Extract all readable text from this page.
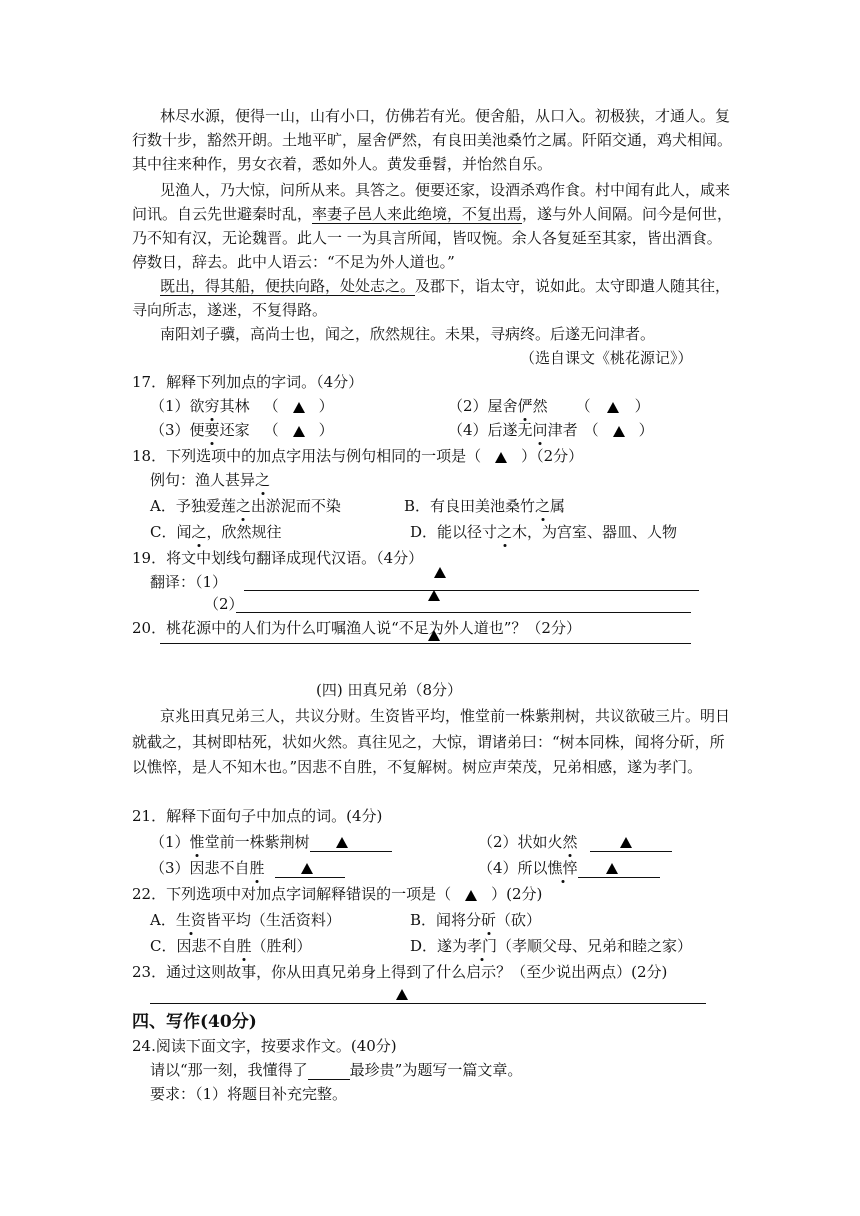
林尽水源，便得一山，山有小口，仿佛若有光。便舍船，从口入。初极狭，才通人。复
行数十步，豁然开朗。土地平旷，屋舍俨然，有良田美池桑竹之属。阡陌交通，鸡犬相闻。
其中往来种作，男女衣着，悉如外人。黄发垂髫，并怡然自乐。
见渔人，乃大惊，问所从来。具答之。便要还家，设酒杀鸡作食。村中闻有此人，咸来
问讯。自云先世避秦时乱，率妻子邑人来此绝境，不复出焉，遂与外人间隔。问今是何世，
乃不知有汉，无论魏晋。此人一 一为具言所闻，皆叹惋。余人各复延至其家，皆出酒食。
停数日，辞去。此中人语云：“不足为外人道也。”
既出，得其船，便扶向路，处处志之。及郡下，诣太守，说如此。太守即遣人随其往，
寻向所志，遂迷，不复得路。
南阳刘子骥，高尚士也，闻之，欣然规往。未果，寻病终。后遂无问津者。
（选自课文《桃花源记》）
17．解释下列加点的字词。（4分）
（1）欲穷其林 （	）	（2）屋舍俨然 （	）
（3）便要还家 （	）	（4）后遂无问津者 （	）
18．下列选项中的加点字用法与例句相同的一项是（	）（2分）
例句：渔人甚异之
A．予独爱莲之出淤泥而不染	B．有良田美池桑竹之属
C．闻之，欣然规往	D．能以径寸之木，为宫室、器皿、人物
19．将文中划线句翻译成现代汉语。（4分）
翻译：（1）
（2）
20．桃花源中的人们为什么叮嘱渔人说“不足为外人道也”？（2分）
(四) 田真兄弟（8分）
京兆田真兄弟三人，共议分财。生资皆平均，惟堂前一株紫荆树，共议欲破三片。明日
就截之，其树即枯死，状如火然。真往见之，大惊，谓诸弟曰：“树本同株，闻将分斫，所
以憔悴，是人不知木也。”因悲不自胜，不复解树。树应声荣茂，兄弟相感，遂为孝门。
21．解释下面句子中加点的词。(4分)
（1）惟堂前一株紫荆树	（2）状如火然
（3）因悲不自胜	（4）所以憔悴
22．下列选项中对加点字词解释错误的一项是（	）(2分)
A．生资皆平均（生活资料）	B．闻将分斫（砍）
C．因悲不自胜（胜利）	D．遂为孝门（孝顺父母、兄弟和睦之家）
23．通过这则故事，你从田真兄弟身上得到了什么启示？（至少说出两点）(2分)
四、写作(40分)
24.阅读下面文字，按要求作文。(40分)
请以“那一刻，我懂得了	最珍贵”为题写一篇文章。
要求：（1）将题目补充完整。
